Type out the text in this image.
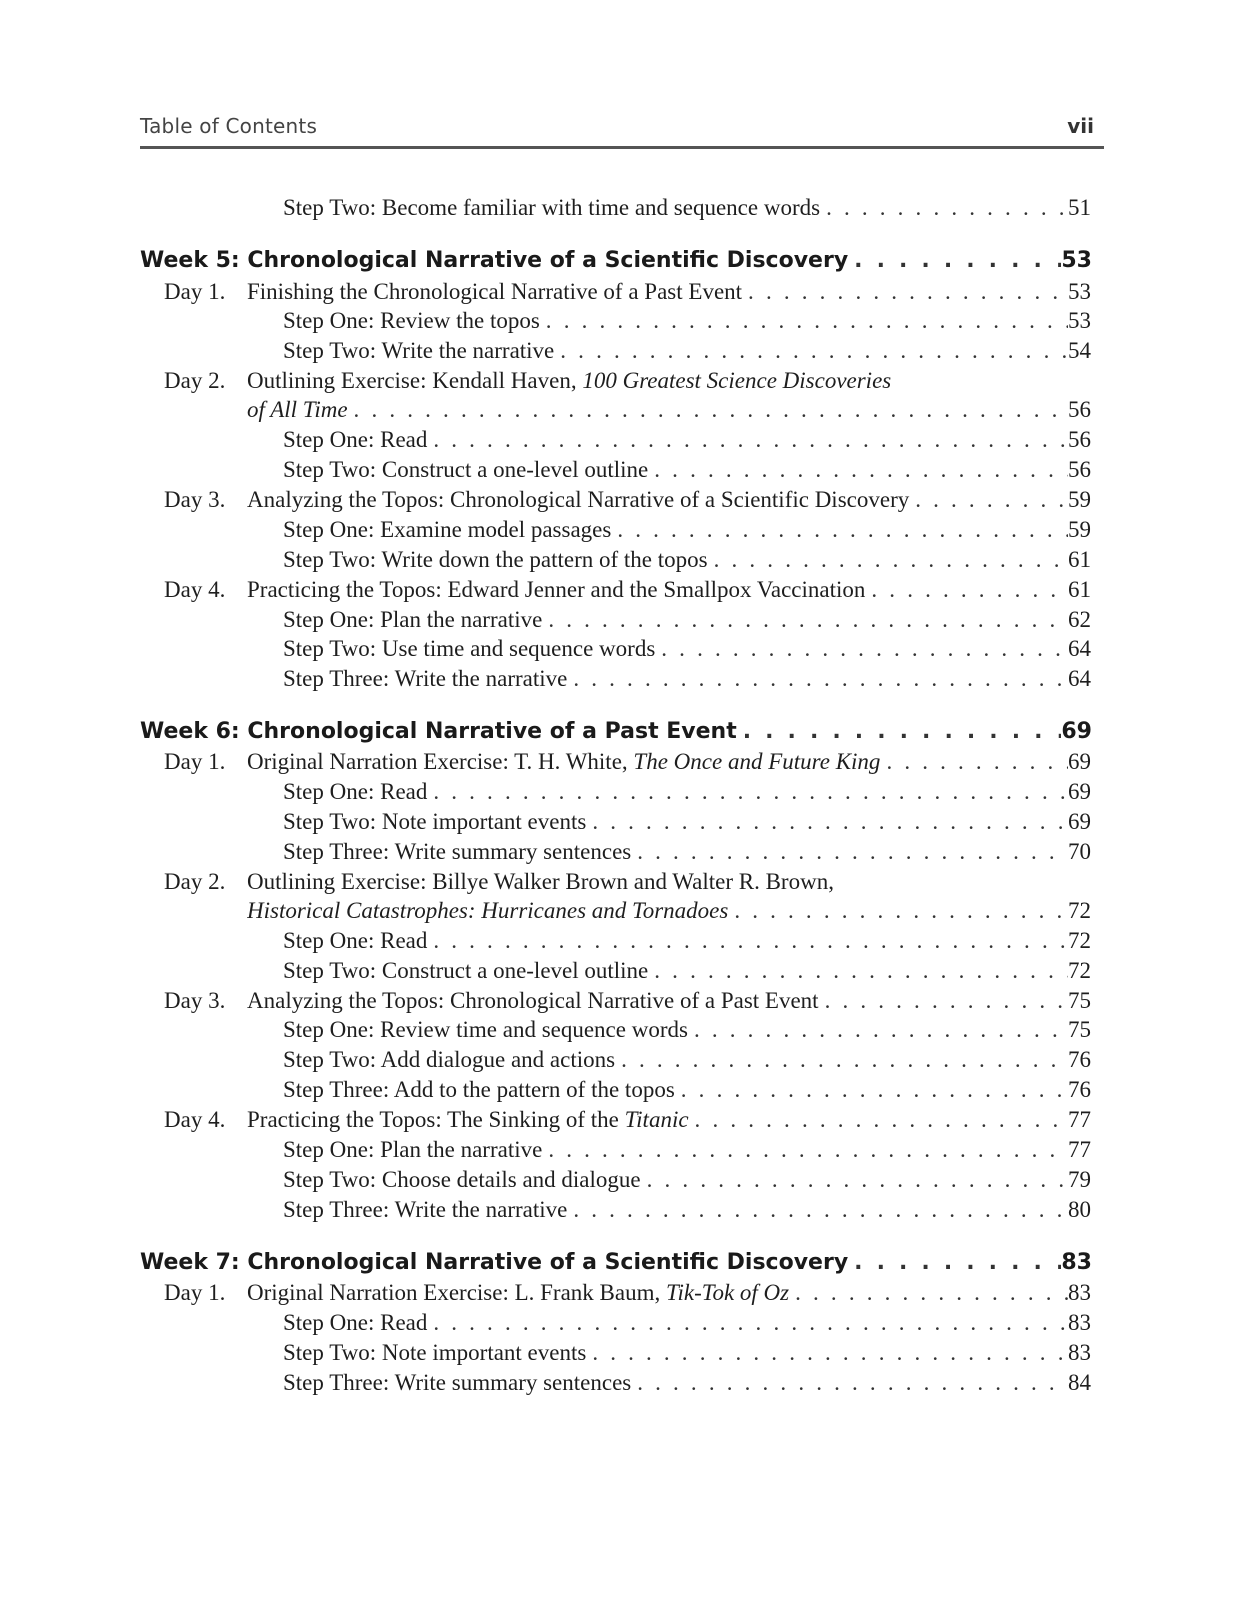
Table of Contents	vii
Step Two: Become familiar with time and sequence words . . .	51
Week 5: Chronological Narrative of a Scientific Discovery . . .	53
Day 1. Finishing the Chronological Narrative of a Past Event . . .	53
Step One: Review the topos . . .	53
Step Two: Write the narrative . . .	54
Day 2. Outlining Exercise: Kendall Haven, 100 Greatest Science Discoveries
of All Time . . .	56
Step One: Read . . .	56
Step Two: Construct a one-level outline . . .	56
Day 3. Analyzing the Topos: Chronological Narrative of a Scientific Discovery . . .	59
Step One: Examine model passages . . .	59
Step Two: Write down the pattern of the topos . . .	61
Day 4. Practicing the Topos: Edward Jenner and the Smallpox Vaccination . . .	61
Step One: Plan the narrative . . .	62
Step Two: Use time and sequence words . . .	64
Step Three: Write the narrative . . .	64
Week 6: Chronological Narrative of a Past Event . . .	69
Day 1. Original Narration Exercise: T. H. White, The Once and Future King . . .	69
Step One: Read . . .	69
Step Two: Note important events . . .	69
Step Three: Write summary sentences . . .	70
Day 2. Outlining Exercise: Billye Walker Brown and Walter R. Brown,
Historical Catastrophes: Hurricanes and Tornadoes . . .	72
Step One: Read . . .	72
Step Two: Construct a one-level outline . . .	72
Day 3. Analyzing the Topos: Chronological Narrative of a Past Event . . .	75
Step One: Review time and sequence words . . .	75
Step Two: Add dialogue and actions . . .	76
Step Three: Add to the pattern of the topos . . .	76
Day 4. Practicing the Topos: The Sinking of the Titanic . . .	77
Step One: Plan the narrative . . .	77
Step Two: Choose details and dialogue . . .	79
Step Three: Write the narrative . . .	80
Week 7: Chronological Narrative of a Scientific Discovery . . .	83
Day 1. Original Narration Exercise: L. Frank Baum, Tik-Tok of Oz . . .	83
Step One: Read . . .	83
Step Two: Note important events . . .	83
Step Three: Write summary sentences . . .	84
